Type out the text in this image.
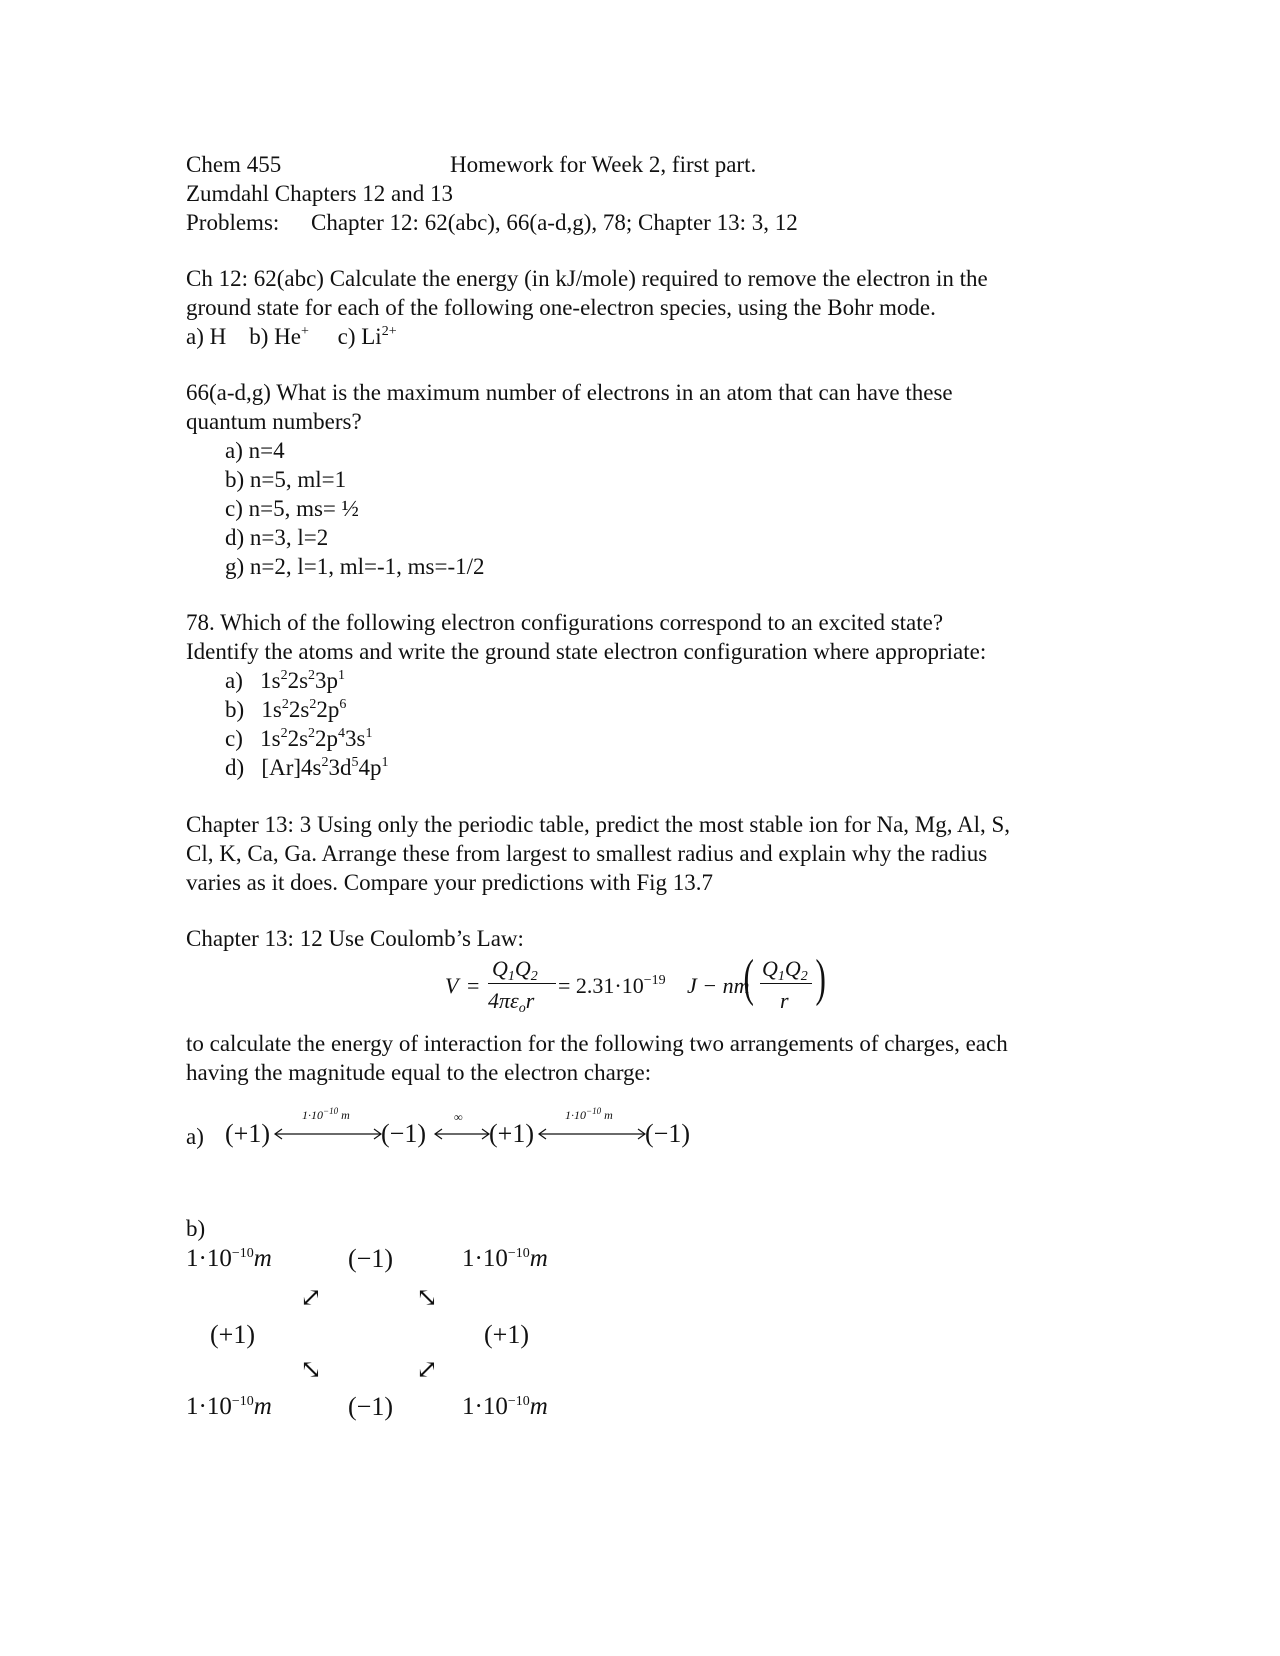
Chem 455	Homework for Week 2, first part.
Zumdahl Chapters 12 and 13
Problems: Chapter 12: 62(abc), 66(a-d,g), 78; Chapter 13: 3, 12
Ch 12: 62(abc) Calculate the energy (in kJ/mole) required to remove the electron in the
ground state for each of the following one-electron species, using the Bohr mode.
a) H b) He+ c) $Li^{2+}$
66(a-d,g) What is the maximum number of electrons in an atom that can have these
quantum numbers?
a) n=4
b) n=5, ml=1
c) n=5, ms= ½
d) n=3, l=2
g) n=2, l=1, ml=-1, ms=-1/2
78. Which of the following electron configurations correspond to an excited state?
Identify the atoms and write the ground state electron configuration where appropriate:
a) $1s^22s^23p^1$
b) $1s^22s^22p^6$
c) $1s^22s^22p^43s^1$
d) $[Ar]4s^23d^54p^1$
Chapter 13: 3 Using only the periodic table, predict the most stable ion for Na, Mg, Al, S,
Cl, K, Ca, Ga. Arrange these from largest to smallest radius and explain why the radius
varies as it does. Compare your predictions with Fig 13.7
Chapter 13: 12 Use Coulomb’s Law:
V =
$Q_1Q_2$
$4\pi\varepsilon_or$
= $2.31\cdot 10^{-19}$ J − nm
( $Q_1Q_2$
r )
to calculate the energy of interaction for the following two arrangements of charges, each
having the magnitude equal to the electron charge:
a) (+1)
$1\cdot 10^{-10}$ m
(−1)
∞
(+1)
$1\cdot 10^{-10}$ m
(−1)
b)
$1\cdot 10^{-10}m$	(−1)	$1\cdot 10^{-10}m$
⤢	⤡
(+1)	(+1)
⤡	⤢
$1\cdot 10^{-10}m$	(−1)	$1\cdot 10^{-10}m$
